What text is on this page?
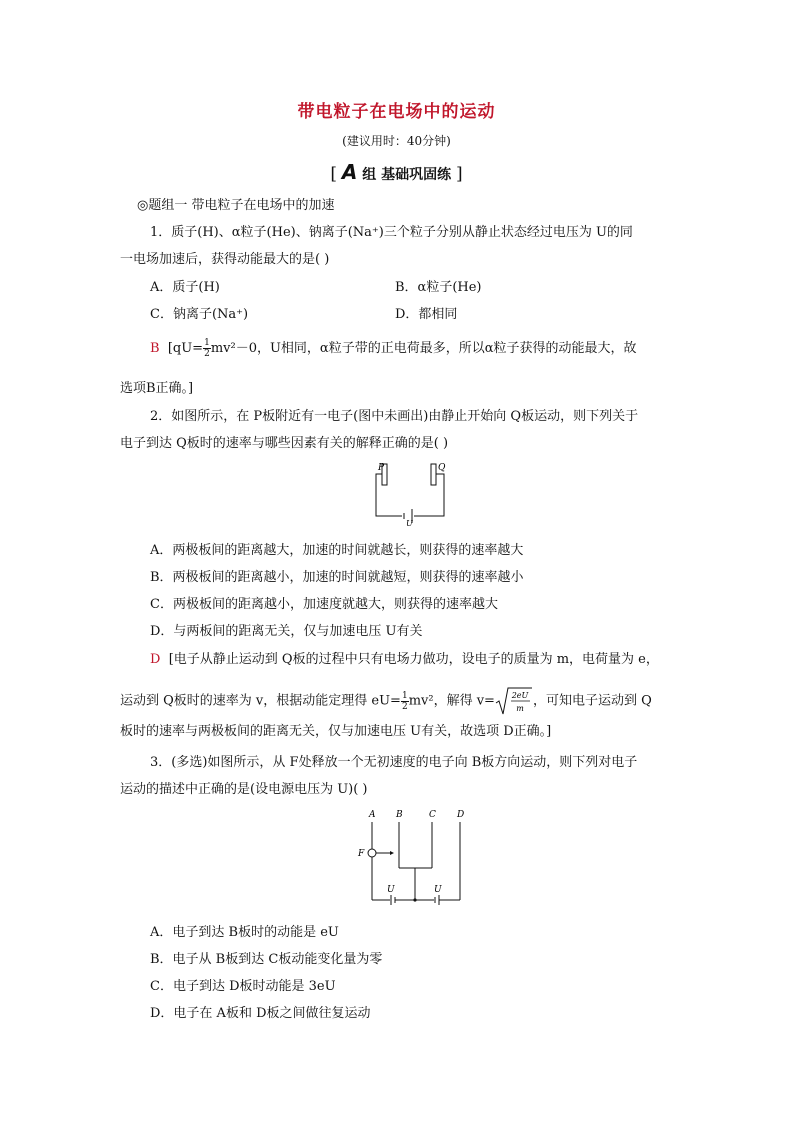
带电粒子在电场中的运动
(建议用时：40分钟)
[ A 组 基础巩固练 ]
◎题组一 带电粒子在电场中的加速
1．质子(H)、α粒子(He)、钠离子(Na⁺)三个粒子分别从静止状态经过电压为 U的同
一电场加速后，获得动能最大的是( )
A．质子(H)	B．α粒子(He)
C．钠离子(Na⁺)	D．都相同
B [$qU= \frac{1}{2}mv^2-0$，U相同，α粒子带的正电荷最多，所以α粒子获得的动能最大，故
选项B正确。]
2．如图所示，在 P板附近有一电子(图中未画出)由静止开始向 Q板运动，则下列关于
电子到达 Q板时的速率与哪些因素有关的解释正确的是( )
P	Q
U
A．两极板间的距离越大，加速的时间就越长，则获得的速率越大
B．两极板间的距离越小，加速的时间就越短，则获得的速率越小
C．两极板间的距离越小，加速度就越大，则获得的速率越大
D．与两板间的距离无关，仅与加速电压 U有关
D [电子从静止运动到 Q板的过程中只有电场力做功，设电子的质量为 m，电荷量为 e，
运动到 Q板时的速率为 v，根据动能定理得 $eU= \frac{1}{2}mv^2$，解得 v= 2eU
m ，可知电子运动到 Q
板时的速率与两极板间的距离无关，仅与加速电压 U有关，故选项 D正确。]
3．(多选)如图所示，从 F处释放一个无初速度的电子向 B板方向运动，则下列对电子
运动的描述中正确的是(设电源电压为 U)( )
A B	C D
F
U	U
A．电子到达 B板时的动能是 eU
B．电子从 B板到达 C板动能变化量为零
C．电子到达 D板时动能是 3eU
D．电子在 A板和 D板之间做往复运动
